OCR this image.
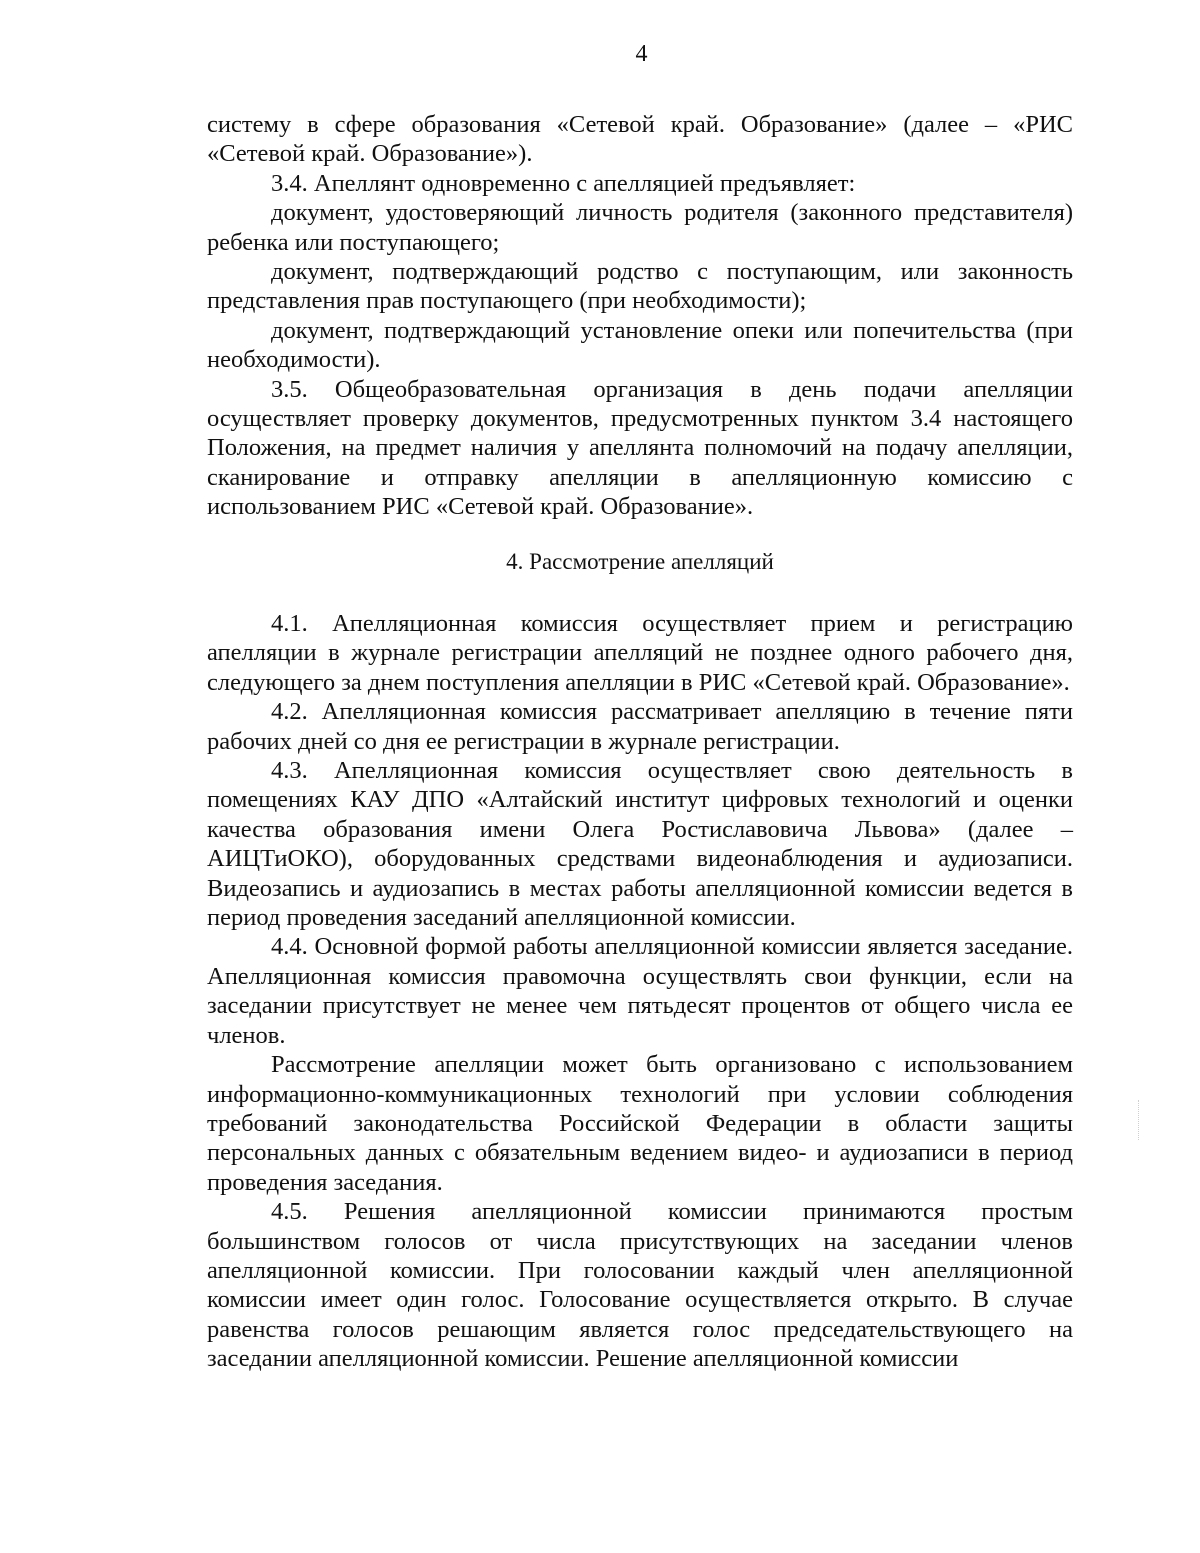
4

систему в сфере образования «Сетевой край. Образование» (далее – «РИС «Сетевой край. Образование»).

3.4. Апеллянт одновременно с апелляцией предъявляет:

документ, удостоверяющий личность родителя (законного представителя) ребенка или поступающего;

документ, подтверждающий родство с поступающим, или законность представления прав поступающего (при необходимости);

документ, подтверждающий установление опеки или попечительства (при необходимости).

3.5. Общеобразовательная организация в день подачи апелляции осуществляет проверку документов, предусмотренных пунктом 3.4 настоящего Положения, на предмет наличия у апеллянта полномочий на подачу апелляции, сканирование и отправку апелляции в апелляционную комиссию с использованием РИС «Сетевой край. Образование».

4. Рассмотрение апелляций

4.1. Апелляционная комиссия осуществляет прием и регистрацию апелляции в журнале регистрации апелляций не позднее одного рабочего дня, следующего за днем поступления апелляции в РИС «Сетевой край. Образование».

4.2. Апелляционная комиссия рассматривает апелляцию в течение пяти рабочих дней со дня ее регистрации в журнале регистрации.

4.3. Апелляционная комиссия осуществляет свою деятельность в помещениях КАУ ДПО «Алтайский институт цифровых технологий и оценки качества образования имени Олега Ростиславовича Львова» (далее – АИЦТиОКО), оборудованных средствами видеонаблюдения и аудиозаписи. Видеозапись и аудиозапись в местах работы апелляционной комиссии ведется в период проведения заседаний апелляционной комиссии.

4.4. Основной формой работы апелляционной комиссии является заседание. Апелляционная комиссия правомочна осуществлять свои функции, если на заседании присутствует не менее чем пятьдесят процентов от общего числа ее членов.

Рассмотрение апелляции может быть организовано с использованием информационно-коммуникационных технологий при условии соблюдения требований законодательства Российской Федерации в области защиты персональных данных с обязательным ведением видео- и аудиозаписи в период проведения заседания.

4.5. Решения апелляционной комиссии принимаются простым большинством голосов от числа присутствующих на заседании членов апелляционной комиссии. При голосовании каждый член апелляционной комиссии имеет один голос. Голосование осуществляется открыто. В случае равенства голосов решающим является голос председательствующего на заседании апелляционной комиссии. Решение апелляционной комиссии
